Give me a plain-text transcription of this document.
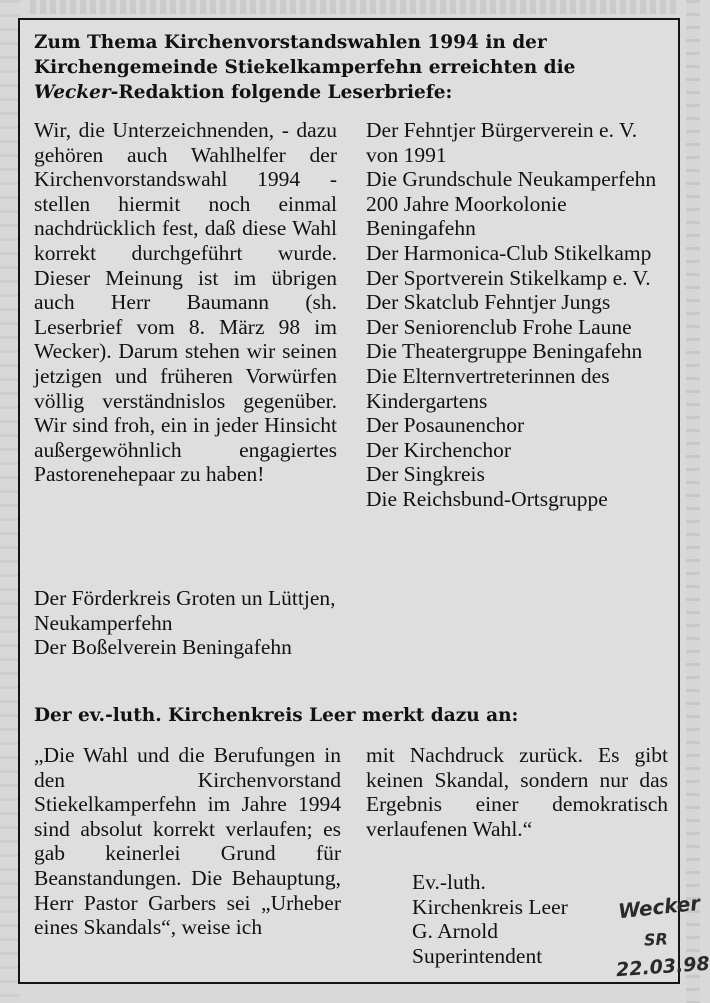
Zum Thema Kirchenvorstandswahlen 1994 in der Kirchengemeinde Stiekelkamperfehn erreichten die Wecker-Redaktion folgende Leserbriefe:

Wir, die Unterzeichnenden, - dazu gehören auch Wahlhelfer der Kirchenvorstandswahl 1994 - stellen hiermit noch einmal nachdrücklich fest, daß diese Wahl korrekt durchgeführt wurde. Dieser Meinung ist im übrigen auch Herr Baumann (sh. Leserbrief vom 8. März 98 im Wecker). Darum stehen wir seinen jetzigen und früheren Vorwürfen völlig verständnislos gegenüber. Wir sind froh, ein in jeder Hinsicht außergewöhnlich engagiertes Pastorenehepaar zu haben!

Der Förderkreis Groten un Lüttjen, Neukamperfehn

Der Boßelverein Beningafehn

Der Fehntjer Bürgerverein e. V. von 1991

Die Grundschule Neukamperfehn

200 Jahre Moorkolonie Beningafehn

Der Harmonica-Club Stikelkamp

Der Sportverein Stikelkamp e. V.

Der Skatclub Fehntjer Jungs

Der Seniorenclub Frohe Laune

Die Theatergruppe Beningafehn

Die Elternvertreterinnen des Kindergartens

Der Posaunenchor

Der Kirchenchor

Der Singkreis

Die Reichsbund-Ortsgruppe

Der ev.-luth. Kirchenkreis Leer merkt dazu an:

„Die Wahl und die Berufungen in den Kirchenvorstand Stiekelkamperfehn im Jahre 1994 sind absolut korrekt verlaufen; es gab keinerlei Grund für Beanstandungen. Die Behauptung, Herr Pastor Garbers sei „Urheber eines Skandals“, weise ich

mit Nachdruck zurück. Es gibt keinen Skandal, sondern nur das Ergebnis einer demokratisch verlaufenen Wahl.“

Ev.-luth.
Kirchenkreis Leer
G. Arnold
Superintendent
Wecker
SR
22.03.98
